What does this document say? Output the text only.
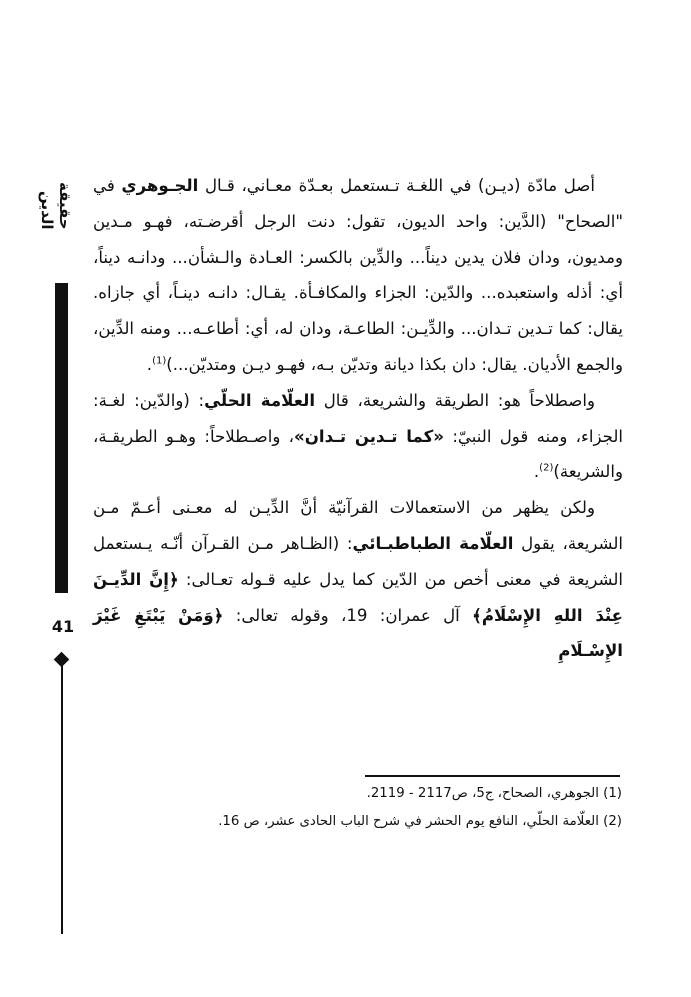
حقيقة الدين
41

أصل مادّة (ديـن) في اللغـة تـستعمل بعـدّة معـاني، قـال الجـوهري في "الصحاح" (الدَّين: واحد الديون، تقول: دنت الرجل أقرضـته، فهـو مـدين ومديون، ودان فلان يدين ديناً... والدِّين بالكسر: العـادة والـشأن... ودانـه ديناً، أي: أذله واستعبده... والدّين: الجزاء والمكافـأة. يقـال: دانـه دينـاً، أي جازاه. يقال: كما تـدين تـدان... والدِّيـن: الطاعـة، ودان له، أي: أطاعـه... ومنه الدِّين، والجمع الأديان. يقال: دان بكذا ديانة وتديّن بـه، فهـو ديـن ومتديّن...)$^{(1)}$.

واصطلاحاً هو: الطريقة والشريعة، قال العلّامة الحلّي: (والدّين: لغـة: الجزاء، ومنه قول النبيّ: «كما تـدين تـدان»، واصـطلاحاً: وهـو الطريقـة، والشريعة)$^{(2)}$.

ولكن يظهر من الاستعمالات القرآنيّة أنَّ الدِّيـن له معـنى أعـمّ مـن الشريعة، يقول العلّامة الطباطبـائي: (الظـاهر مـن القـرآن أنّـه يـستعمل الشريعة في معنى أخص من الدّين كما يدل عليه قـوله تعـالى: ﴿إِنَّ الدِّيـنَ عِنْدَ اللهِ الإِسْلَامُ﴾ آل عمران: 19، وقوله تعالى: ﴿وَمَنْ يَبْتَغِ غَيْرَ الإِسْـلَامِ

(1) الجوهري، الصحاح، ج5، ص2117 - 2119.

(2) العلّامة الحلّي، النافع يوم الحشر في شرح الباب الحادى عشر، ص 16.
